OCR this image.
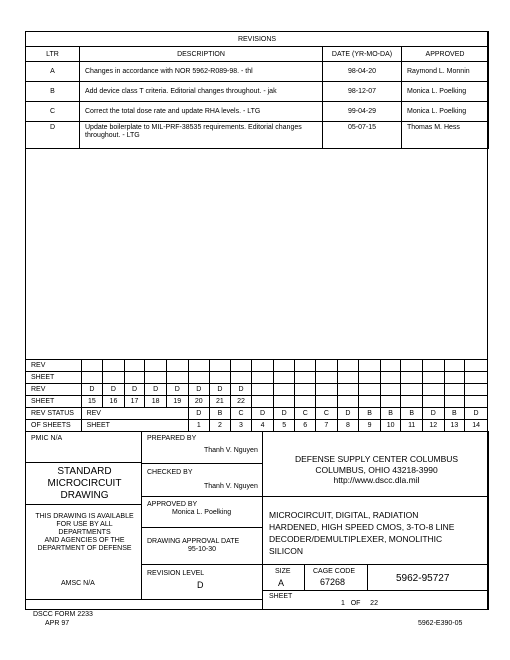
REVISIONS			
LTR	DESCRIPTION	DATE (YR-MO-DA)	APPROVED
A	Changes in accordance with NOR 5962-R089-98. - thl	98-04-20	Raymond L. Monnin
B	Add device class T criteria. Editorial changes throughout. - jak	98-12-07	Monica L. Poelking
C	Correct the total dose rate and update RHA levels. - LTG	99-04-29	Monica L. Poelking
D	Update boilerplate to MIL-PRF-38535 requirements. Editorial changes throughout. - LTG	05-07-15	Thomas M. Hess
REV																			
SHEET																			
REV	D	D	D	D	D	D	D	D											
SHEET	15	16	17	18	19	20	21	22											
REV STATUS	REV					D	B	C	D	D	C	C	D	B	B	B	D	B	D
OF SHEETS	SHEET					1	2	3	4	5	6	7	8	9	10	11	12	13	14
PMIC N/A
STANDARD
MICROCIRCUIT
DRAWING
THIS DRAWING IS AVAILABLE
FOR USE BY ALL
DEPARTMENTS
AND AGENCIES OF THE
DEPARTMENT OF DEFENSE
AMSC N/A
PREPARED BY
Thanh V. Nguyen
CHECKED BY
Thanh V. Nguyen
APPROVED BY
Monica L. Poelking
DRAWING APPROVAL DATE
95-10-30
REVISION LEVEL
D
DEFENSE SUPPLY CENTER COLUMBUS
COLUMBUS, OHIO 43218-3990
http://www.dscc.dla.mil
MICROCIRCUIT, DIGITAL, RADIATION
HARDENED, HIGH SPEED CMOS, 3-TO-8 LINE
DECODER/DEMULTIPLEXER, MONOLITHIC
SILICON
SIZE
A
CAGE CODE
67268	5962-95727
SHEET
1   OF     22
DSCC FORM 2233
APR 97	5962-E390-05
